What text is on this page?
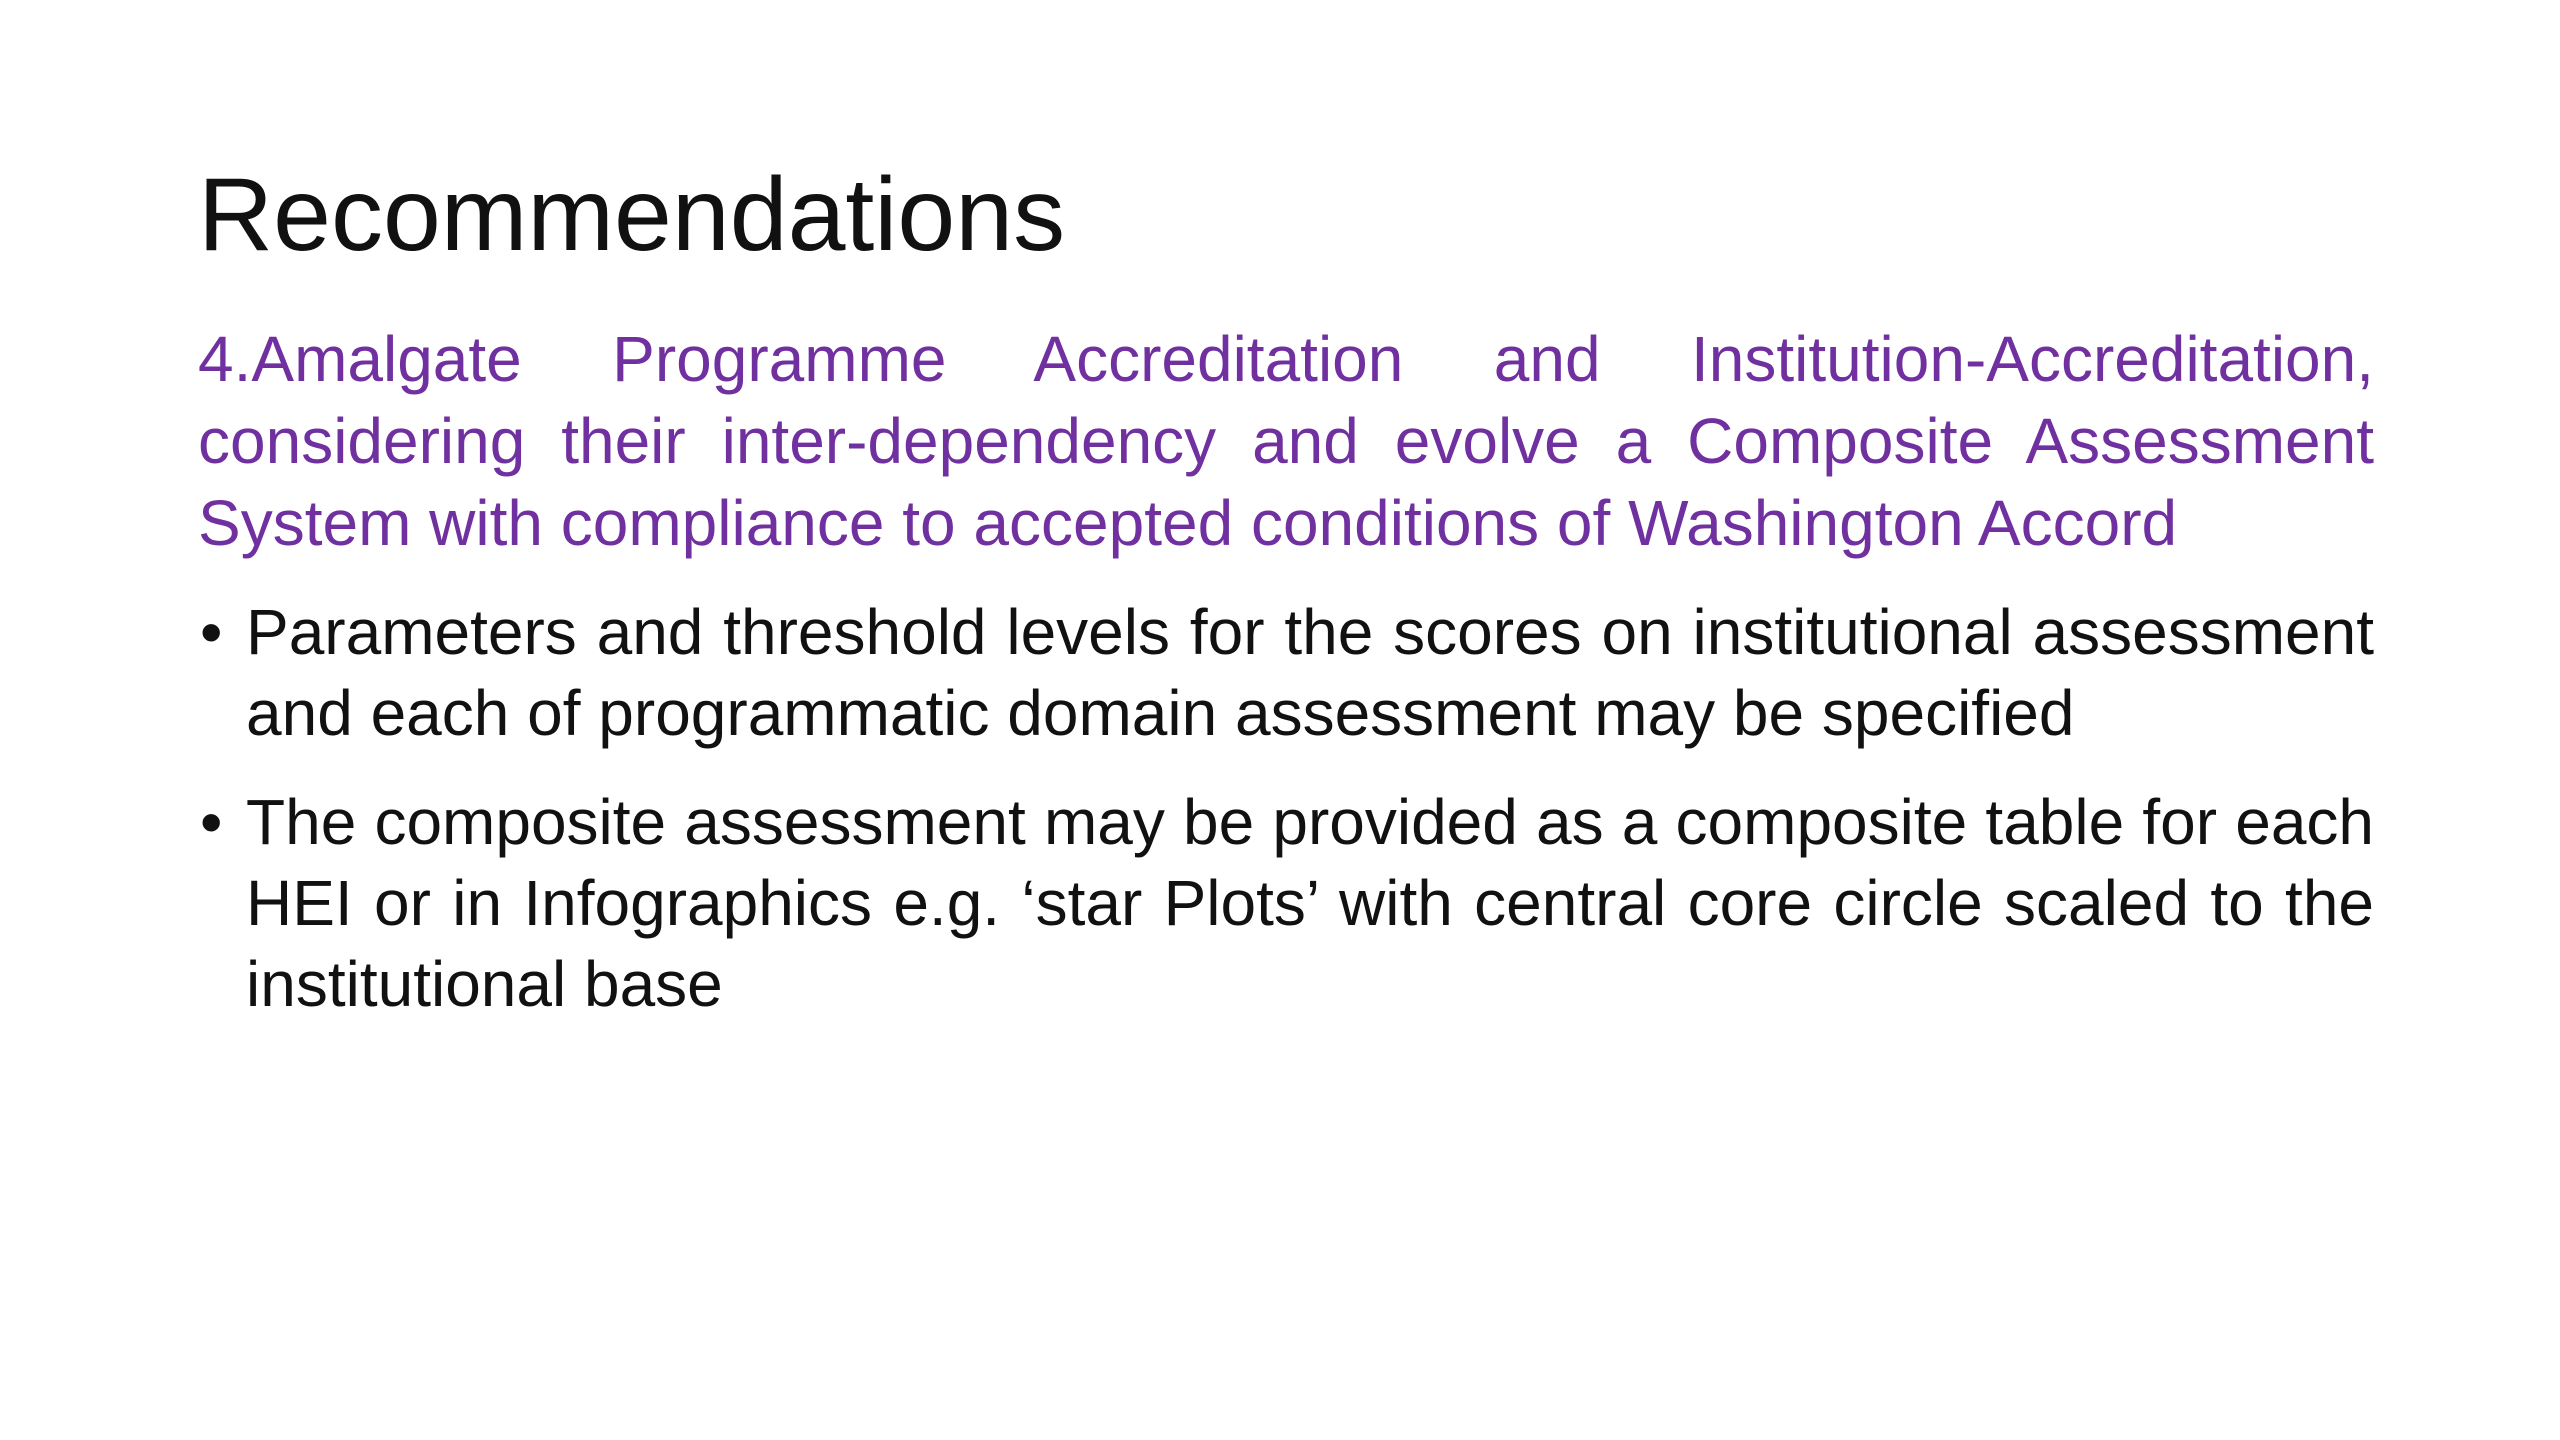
Recommendations

4.Amalgate Programme Accreditation and Institution-Accreditation, considering their inter-dependency and evolve a Composite Assessment System with compliance to accepted conditions of Washington Accord

• Parameters and threshold levels for the scores on institutional assessment and each of programmatic domain assessment may be specified
• The composite assessment may be provided as a composite table for each HEI or in Infographics e.g. ‘star Plots’ with central core circle scaled to the institutional base
